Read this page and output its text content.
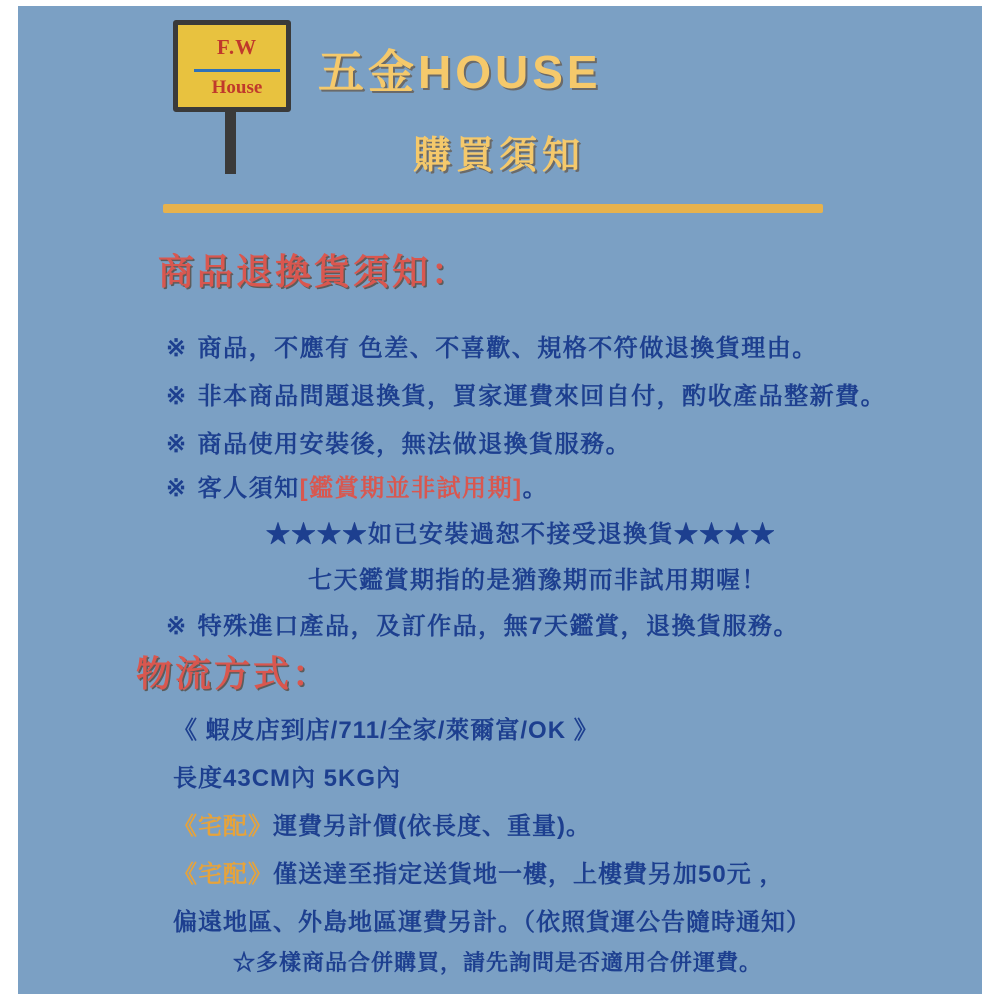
F.W
House	五金HOUSE
購買須知
商品退換貨須知：
※ 商品，不應有 色差、不喜歡、規格不符做退換貨理由。
※ 非本商品問題退換貨，買家運費來回自付，酌收產品整新費。
※ 商品使用安裝後，無法做退換貨服務。
※ 客人須知[鑑賞期並非試用期]。
★★★★如已安裝過恕不接受退換貨★★★★
七天鑑賞期指的是猶豫期而非試用期喔！
※ 特殊進口產品，及訂作品，無7天鑑賞，退換貨服務。
物流方式：
《 蝦皮店到店/711/全家/萊爾富/OK 》
長度43CM內 5KG內
《宅配》運費另計價(依長度、重量)。
《宅配》僅送達至指定送貨地一樓，上樓費另加50元 ，
偏遠地區、外島地區運費另計。（依照貨運公告隨時通知）
☆多樣商品合併購買，請先詢問是否適用合併運費。
